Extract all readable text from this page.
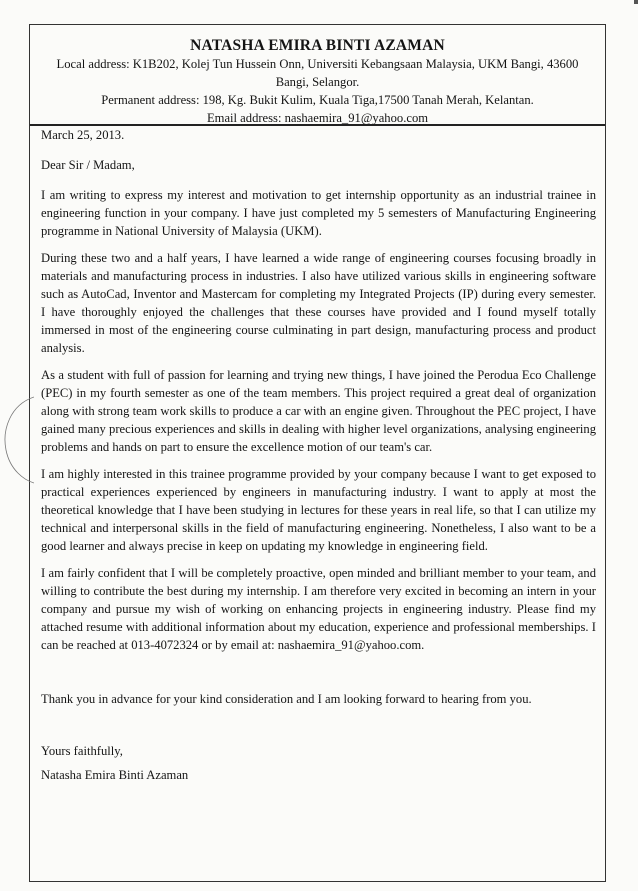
NATASHA EMIRA BINTI AZAMAN
Local address: K1B202, Kolej Tun Hussein Onn, Universiti Kebangsaan Malaysia, UKM Bangi, 43600
Bangi, Selangor.
Permanent address: 198, Kg. Bukit Kulim, Kuala Tiga,17500 Tanah Merah, Kelantan.
Email address: nashaemira_91@yahoo.com

March 25, 2013.

Dear Sir / Madam,

I am writing to express my interest and motivation to get internship opportunity as an industrial trainee in engineering function in your company. I have just completed my 5 semesters of Manufacturing Engineering programme in National University of Malaysia (UKM).

During these two and a half years, I have learned a wide range of engineering courses focusing broadly in materials and manufacturing process in industries. I also have utilized various skills in engineering software such as AutoCad, Inventor and Mastercam for completing my Integrated Projects (IP) during every semester. I have thoroughly enjoyed the challenges that these courses have provided and I found myself totally immersed in most of the engineering course culminating in part design, manufacturing process and product analysis.

As a student with full of passion for learning and trying new things, I have joined the Perodua Eco Challenge (PEC) in my fourth semester as one of the team members. This project required a great deal of organization along with strong team work skills to produce a car with an engine given. Throughout the PEC project, I have gained many precious experiences and skills in dealing with higher level organizations, analysing engineering problems and hands on part to ensure the excellence motion of our team's car.

I am highly interested in this trainee programme provided by your company because I want to get exposed to practical experiences experienced by engineers in manufacturing industry. I want to apply at most the theoretical knowledge that I have been studying in lectures for these years in real life, so that I can utilize my technical and interpersonal skills in the field of manufacturing engineering. Nonetheless, I also want to be a good learner and always precise in keep on updating my knowledge in engineering field.

I am fairly confident that I will be completely proactive, open minded and brilliant member to your team, and willing to contribute the best during my internship. I am therefore very excited in becoming an intern in your company and pursue my wish of working on enhancing projects in engineering industry. Please find my attached resume with additional information about my education, experience and professional memberships. I can be reached at 013-4072324 or by email at: nashaemira_91@yahoo.com.

Thank you in advance for your kind consideration and I am looking forward to hearing from you.

Yours faithfully,

Natasha Emira Binti Azaman
